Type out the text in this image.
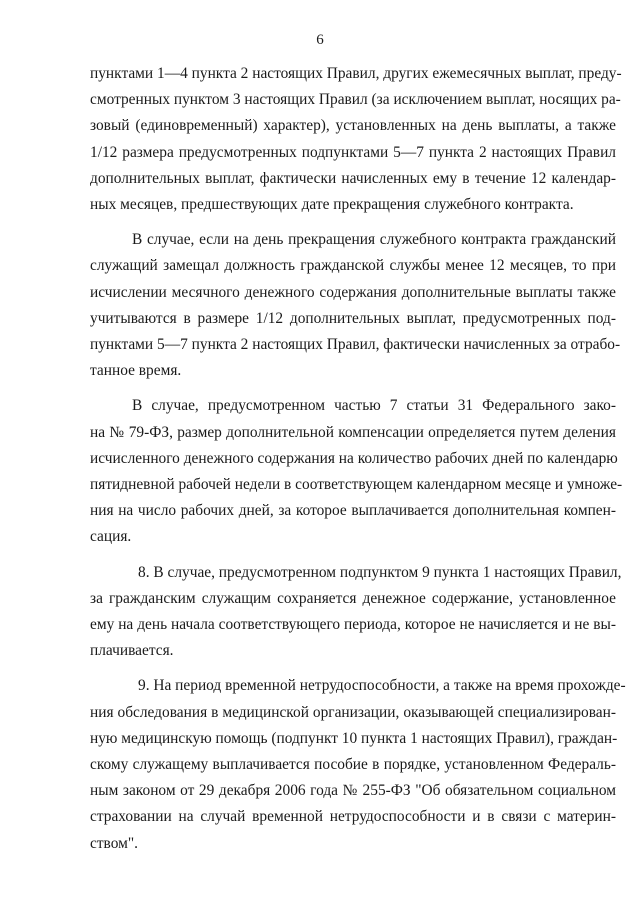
6

пунктами 1—4 пункта 2 настоящих Правил, других ежемесячных выплат, преду-
смотренных пунктом 3 настоящих Правил (за исключением выплат, носящих ра-
зовый (единовременный) характер), установленных на день выплаты, а также
1/12 размера предусмотренных подпунктами 5—7 пункта 2 настоящих Правил
дополнительных выплат, фактически начисленных ему в течение 12 календар-
ных месяцев, предшествующих дате прекращения служебного контракта.

В случае, если на день прекращения служебного контракта гражданский
служащий замещал должность гражданской службы менее 12 месяцев, то при
исчислении месячного денежного содержания дополнительные выплаты также
учитываются в размере 1/12 дополнительных выплат, предусмотренных под-
пунктами 5—7 пункта 2 настоящих Правил, фактически начисленных за отрабо-
танное время.

В случае, предусмотренном частью 7 статьи 31 Федерального зако-
на № 79-ФЗ, размер дополнительной компенсации определяется путем деления
исчисленного денежного содержания на количество рабочих дней по календарю
пятидневной рабочей недели в соответствующем календарном месяце и умноже-
ния на число рабочих дней, за которое выплачивается дополнительная компен-
сация.

8. В случае, предусмотренном подпунктом 9 пункта 1 настоящих Правил,
за гражданским служащим сохраняется денежное содержание, установленное
ему на день начала соответствующего периода, которое не начисляется и не вы-
плачивается.

9. На период временной нетрудоспособности, а также на время прохожде-
ния обследования в медицинской организации, оказывающей специализирован-
ную медицинскую помощь (подпункт 10 пункта 1 настоящих Правил), граждан-
скому служащему выплачивается пособие в порядке, установленном Федераль-
ным законом от 29 декабря 2006 года № 255-ФЗ "Об обязательном социальном
страховании на случай временной нетрудоспособности и в связи с материн-
ством".
